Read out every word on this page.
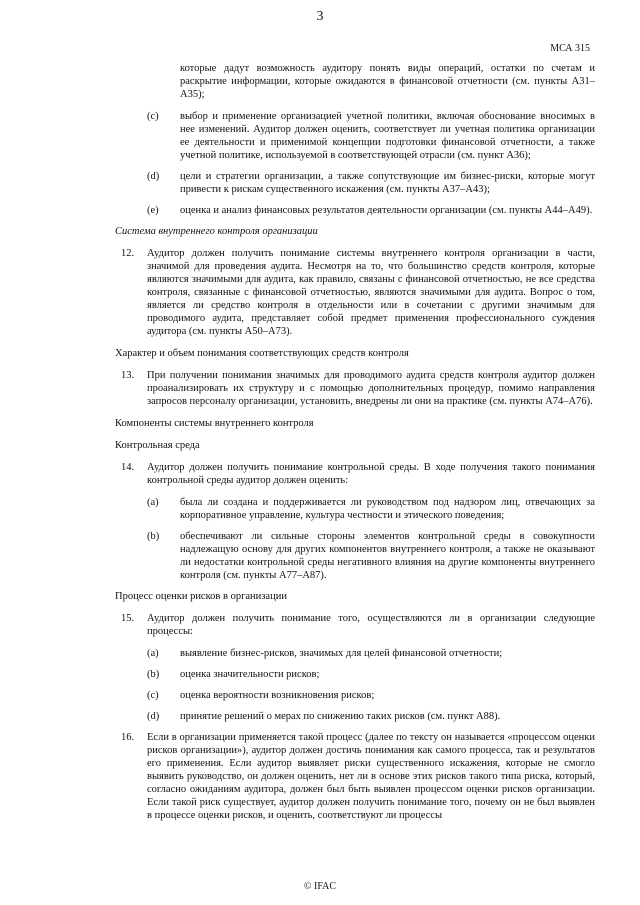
3
МСА 315

которые дадут возможность аудитору понять виды операций, остатки по счетам и раскрытие информации, которые ожидаются в финансовой отчетности (см. пункты А31–А35);

(c)	выбор и применение организацией учетной политики, включая обоснование вносимых в нее изменений. Аудитор должен оценить, соответствует ли учетная политика организации ее деятельности и применимой концепции подготовки финансовой отчетности, а также учетной политике, используемой в соответствующей отрасли (см. пункт А36);
(d)	цели и стратегии организации, а также сопутствующие им бизнес-риски, которые могут привести к рискам существенного искажения (см. пункты А37–А43);
(e)	оценка и анализ финансовых результатов деятельности организации (см. пункты А44–А49).

Система внутреннего контроля организации

12.	Аудитор должен получить понимание системы внутреннего контроля организации в части, значимой для проведения аудита. Несмотря на то, что большинство средств контроля, которые являются значимыми для аудита, как правило, связаны с финансовой отчетностью, не все средства контроля, связанные с финансовой отчетностью, являются значимыми для аудита. Вопрос о том, является ли средство контроля в отдельности или в сочетании с другими значимым для проводимого аудита, представляет собой предмет применения профессионального суждения аудитора (см. пункты А50–А73).

Характер и объем понимания соответствующих средств контроля

13.	При получении понимания значимых для проводимого аудита средств контроля аудитор должен проанализировать их структуру и с помощью дополнительных процедур, помимо направления запросов персоналу организации, установить, внедрены ли они на практике (см. пункты А74–А76).

Компоненты системы внутреннего контроля

Контрольная среда

14.	Аудитор должен получить понимание контрольной среды. В ходе получения такого понимания контрольной среды аудитор должен оценить:
(a)	была ли создана и поддерживается ли руководством под надзором лиц, отвечающих за корпоративное управление, культура честности и этического поведения;
(b)	обеспечивают ли сильные стороны элементов контрольной среды в совокупности надлежащую основу для других компонентов внутреннего контроля, а также не оказывают ли недостатки контрольной среды негативного влияния на другие компоненты внутреннего контроля (см. пункты А77–А87).

Процесс оценки рисков в организации

15.	Аудитор должен получить понимание того, осуществляются ли в организации следующие процессы:
(a)	выявление бизнес-рисков, значимых для целей финансовой отчетности;
(b)	оценка значительности рисков;
(c)	оценка вероятности возникновения рисков;
(d)	принятие решений о мерах по снижению таких рисков (см. пункт А88).
16.	Если в организации применяется такой процесс (далее по тексту он называется «процессом оценки рисков организации»), аудитор должен достичь понимания как самого процесса, так и результатов его применения. Если аудитор выявляет риски существенного искажения, которые не смогло выявить руководство, он должен оценить, нет ли в основе этих рисков такого типа риска, который, согласно ожиданиям аудитора, должен был быть выявлен процессом оценки рисков организации. Если такой риск существует, аудитор должен получить понимание того, почему он не был выявлен в процессе оценки рисков, и оценить, соответствуют ли процессы
© IFAC
